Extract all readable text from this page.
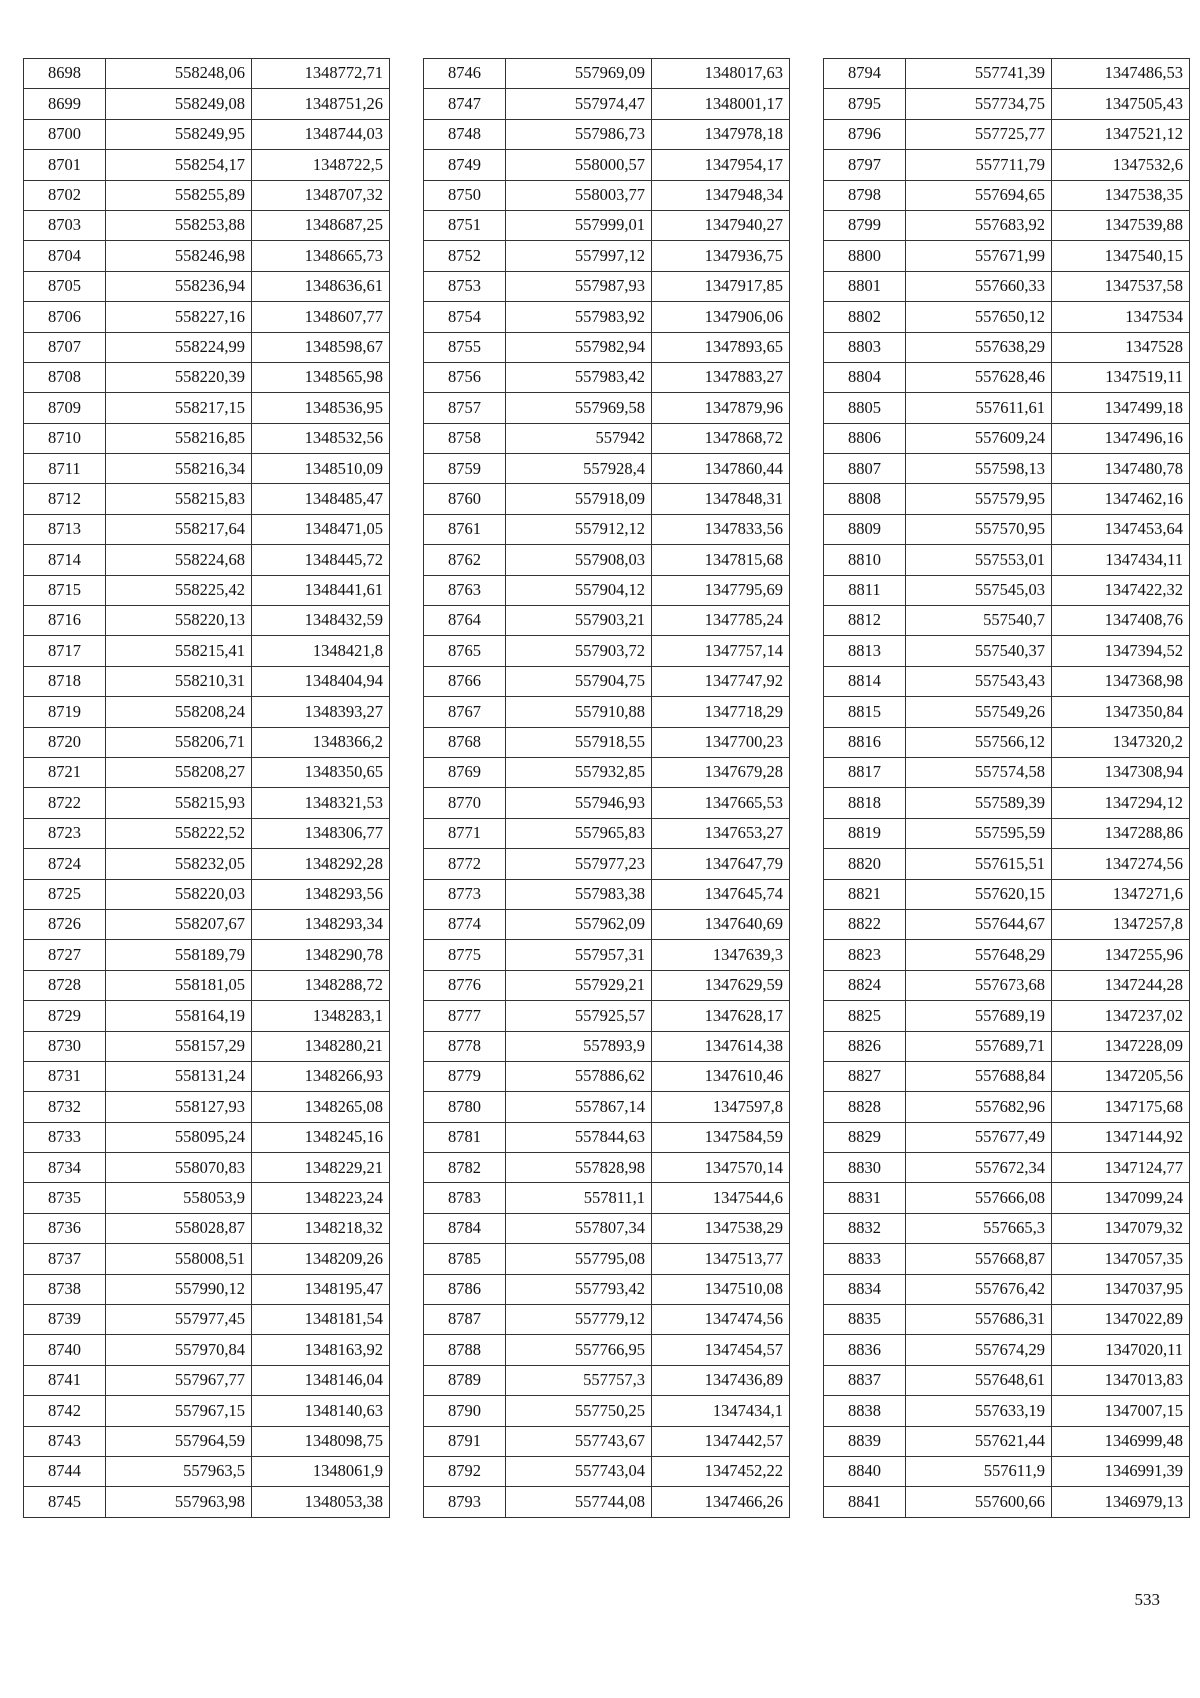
8698	558248,06	1348772,71
8699	558249,08	1348751,26
8700	558249,95	1348744,03
8701	558254,17	1348722,5
8702	558255,89	1348707,32
8703	558253,88	1348687,25
8704	558246,98	1348665,73
8705	558236,94	1348636,61
8706	558227,16	1348607,77
8707	558224,99	1348598,67
8708	558220,39	1348565,98
8709	558217,15	1348536,95
8710	558216,85	1348532,56
8711	558216,34	1348510,09
8712	558215,83	1348485,47
8713	558217,64	1348471,05
8714	558224,68	1348445,72
8715	558225,42	1348441,61
8716	558220,13	1348432,59
8717	558215,41	1348421,8
8718	558210,31	1348404,94
8719	558208,24	1348393,27
8720	558206,71	1348366,2
8721	558208,27	1348350,65
8722	558215,93	1348321,53
8723	558222,52	1348306,77
8724	558232,05	1348292,28
8725	558220,03	1348293,56
8726	558207,67	1348293,34
8727	558189,79	1348290,78
8728	558181,05	1348288,72
8729	558164,19	1348283,1
8730	558157,29	1348280,21
8731	558131,24	1348266,93
8732	558127,93	1348265,08
8733	558095,24	1348245,16
8734	558070,83	1348229,21
8735	558053,9	1348223,24
8736	558028,87	1348218,32
8737	558008,51	1348209,26
8738	557990,12	1348195,47
8739	557977,45	1348181,54
8740	557970,84	1348163,92
8741	557967,77	1348146,04
8742	557967,15	1348140,63
8743	557964,59	1348098,75
8744	557963,5	1348061,9
8745	557963,98	1348053,38
8746	557969,09	1348017,63
8747	557974,47	1348001,17
8748	557986,73	1347978,18
8749	558000,57	1347954,17
8750	558003,77	1347948,34
8751	557999,01	1347940,27
8752	557997,12	1347936,75
8753	557987,93	1347917,85
8754	557983,92	1347906,06
8755	557982,94	1347893,65
8756	557983,42	1347883,27
8757	557969,58	1347879,96
8758	557942	1347868,72
8759	557928,4	1347860,44
8760	557918,09	1347848,31
8761	557912,12	1347833,56
8762	557908,03	1347815,68
8763	557904,12	1347795,69
8764	557903,21	1347785,24
8765	557903,72	1347757,14
8766	557904,75	1347747,92
8767	557910,88	1347718,29
8768	557918,55	1347700,23
8769	557932,85	1347679,28
8770	557946,93	1347665,53
8771	557965,83	1347653,27
8772	557977,23	1347647,79
8773	557983,38	1347645,74
8774	557962,09	1347640,69
8775	557957,31	1347639,3
8776	557929,21	1347629,59
8777	557925,57	1347628,17
8778	557893,9	1347614,38
8779	557886,62	1347610,46
8780	557867,14	1347597,8
8781	557844,63	1347584,59
8782	557828,98	1347570,14
8783	557811,1	1347544,6
8784	557807,34	1347538,29
8785	557795,08	1347513,77
8786	557793,42	1347510,08
8787	557779,12	1347474,56
8788	557766,95	1347454,57
8789	557757,3	1347436,89
8790	557750,25	1347434,1
8791	557743,67	1347442,57
8792	557743,04	1347452,22
8793	557744,08	1347466,26
8794	557741,39	1347486,53
8795	557734,75	1347505,43
8796	557725,77	1347521,12
8797	557711,79	1347532,6
8798	557694,65	1347538,35
8799	557683,92	1347539,88
8800	557671,99	1347540,15
8801	557660,33	1347537,58
8802	557650,12	1347534
8803	557638,29	1347528
8804	557628,46	1347519,11
8805	557611,61	1347499,18
8806	557609,24	1347496,16
8807	557598,13	1347480,78
8808	557579,95	1347462,16
8809	557570,95	1347453,64
8810	557553,01	1347434,11
8811	557545,03	1347422,32
8812	557540,7	1347408,76
8813	557540,37	1347394,52
8814	557543,43	1347368,98
8815	557549,26	1347350,84
8816	557566,12	1347320,2
8817	557574,58	1347308,94
8818	557589,39	1347294,12
8819	557595,59	1347288,86
8820	557615,51	1347274,56
8821	557620,15	1347271,6
8822	557644,67	1347257,8
8823	557648,29	1347255,96
8824	557673,68	1347244,28
8825	557689,19	1347237,02
8826	557689,71	1347228,09
8827	557688,84	1347205,56
8828	557682,96	1347175,68
8829	557677,49	1347144,92
8830	557672,34	1347124,77
8831	557666,08	1347099,24
8832	557665,3	1347079,32
8833	557668,87	1347057,35
8834	557676,42	1347037,95
8835	557686,31	1347022,89
8836	557674,29	1347020,11
8837	557648,61	1347013,83
8838	557633,19	1347007,15
8839	557621,44	1346999,48
8840	557611,9	1346991,39
8841	557600,66	1346979,13
533
